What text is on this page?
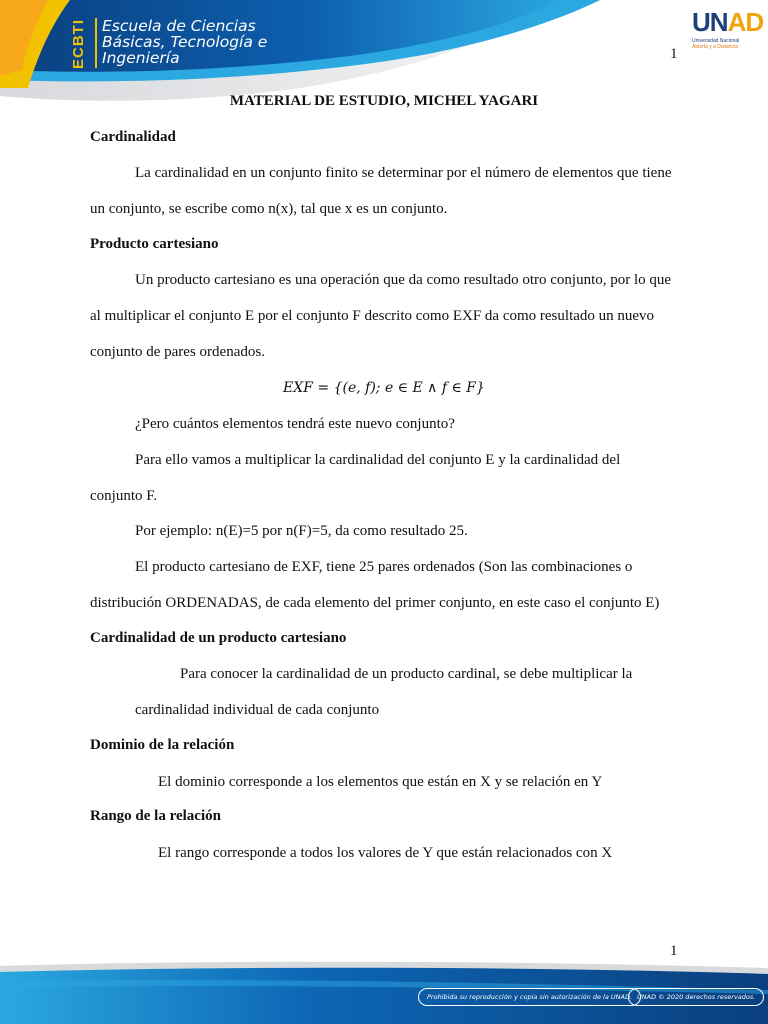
ECBTI Escuela de Ciencias
Básicas, Tecnología e
Ingeniería
UNAD
Universidad Nacional
Abierta y a Distancia
1
MATERIAL DE ESTUDIO, MICHEL YAGARI
Cardinalidad
La cardinalidad en un conjunto finito se determinar por el número de elementos que tiene
un conjunto, se escribe como n(x), tal que x es un conjunto.
Producto cartesiano
Un producto cartesiano es una operación que da como resultado otro conjunto, por lo que
al multiplicar el conjunto E por el conjunto F descrito como EXF da como resultado un nuevo
conjunto de pares ordenados.
EXF = {(e, f); e ∈ E ∧ f ∈ F}
¿Pero cuántos elementos tendrá este nuevo conjunto?
Para ello vamos a multiplicar la cardinalidad del conjunto E y la cardinalidad del
conjunto F.
Por ejemplo: n(E)=5 por n(F)=5, da como resultado 25.
El producto cartesiano de EXF, tiene 25 pares ordenados (Son las combinaciones o
distribución ORDENADAS, de cada elemento del primer conjunto, en este caso el conjunto E)
Cardinalidad de un producto cartesiano
Para conocer la cardinalidad de un producto cardinal, se debe multiplicar la
cardinalidad individual de cada conjunto
Dominio de la relación
El dominio corresponde a los elementos que están en X y se relación en Y
Rango de la relación
El rango corresponde a todos los valores de Y que están relacionados con X
1
Prohibida su reproducción y copia sin autorización de la UNAD. UNAD © 2020 derechos reservados.
